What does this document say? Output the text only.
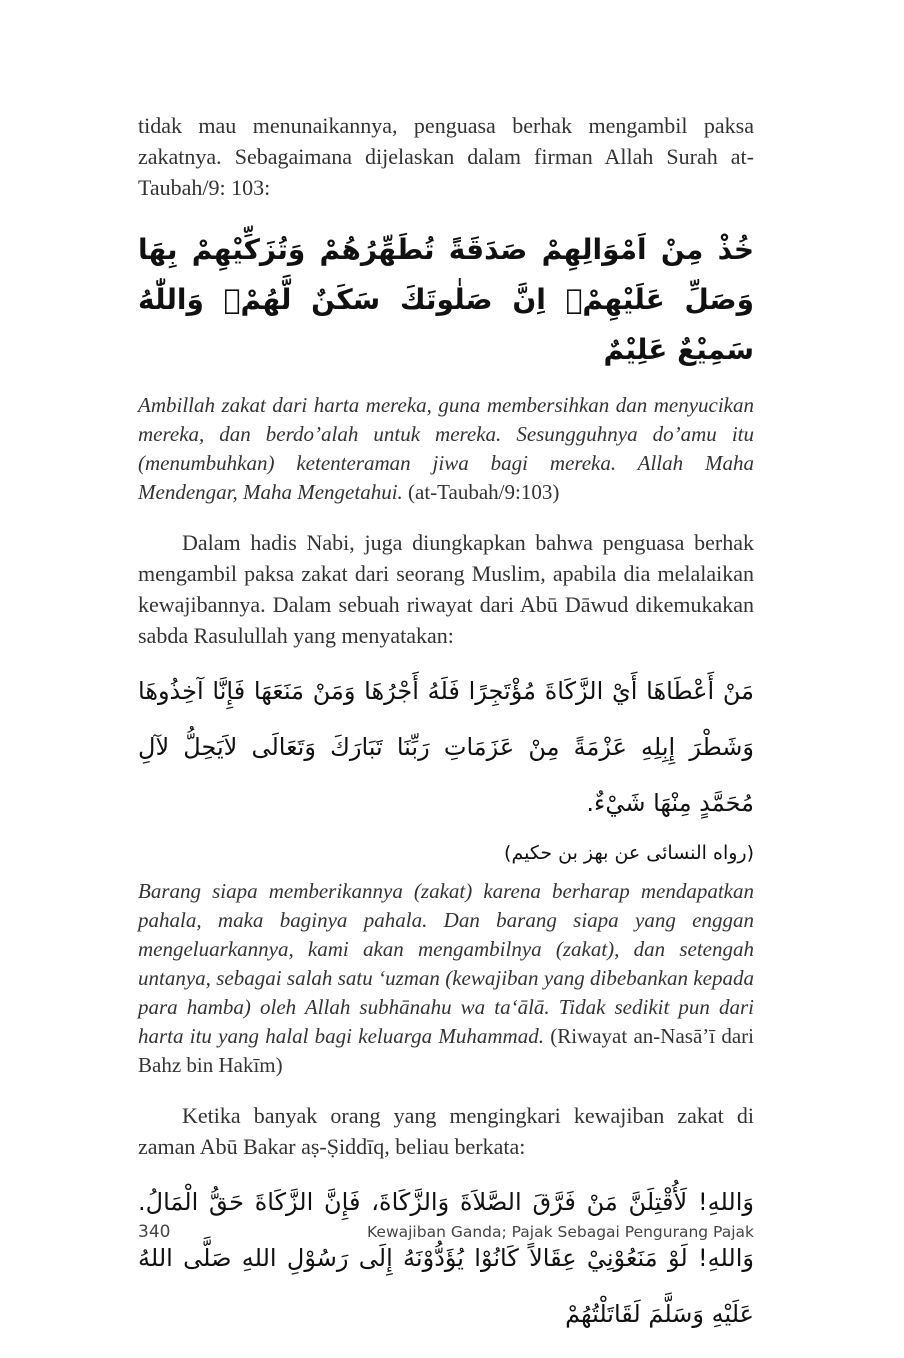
tidak mau menunaikannya, penguasa berhak mengambil paksa zakatnya. Sebagaimana dijelaskan dalam firman Allah Surah at-Taubah/9: 103:

خُذْ مِنْ اَمْوَالِهِمْ صَدَقَةً تُطَهِّرُهُمْ وَتُزَكِّيْهِمْ بِهَا وَصَلِّ عَلَيْهِمْۗ اِنَّ صَلٰوتَكَ سَكَنٌ لَّهُمْۗ وَاللّٰهُ سَمِيْعٌ عَلِيْمٌ

Ambillah zakat dari harta mereka, guna membersihkan dan menyucikan mereka, dan berdo’alah untuk mereka. Sesungguhnya do’amu itu (menumbuhkan) ketenteraman jiwa bagi mereka. Allah Maha Mendengar, Maha Mengetahui. (at-Taubah/9:103)

Dalam hadis Nabi, juga diungkapkan bahwa penguasa berhak mengambil paksa zakat dari seorang Muslim, apabila dia melalaikan kewajibannya. Dalam sebuah riwayat dari Abū Dāwud dikemukakan sabda Rasulullah yang menyatakan:

مَنْ أَعْطَاهَا أَيْ الزَّكَاةَ مُؤْتَجِرًا فَلَهُ أَجْرُهَا وَمَنْ مَنَعَهَا فَإِنَّا آخِذُوهَا وَشَطْرَ إِبِلِهِ عَزْمَةً مِنْ عَزَمَاتِ رَبِّنَا تَبَارَكَ وَتَعَالَى لاَيَحِلُّ لآلِ مُحَمَّدٍ مِنْهَا شَيْءٌ.

(رواه النسائى عن بهز بن حكيم)

Barang siapa memberikannya (zakat) karena berharap mendapatkan pahala, maka baginya pahala. Dan barang siapa yang enggan mengeluarkannya, kami akan mengambilnya (zakat), dan setengah untanya, sebagai salah satu ‘uzman (kewajiban yang dibebankan kepada para hamba) oleh Allah subhānahu wa ta‘ālā. Tidak sedikit pun dari harta itu yang halal bagi keluarga Muhammad. (Riwayat an-Nasā’ī dari Bahz bin Hakīm)

Ketika banyak orang yang mengingkari kewajiban zakat di zaman Abū Bakar aṣ-Ṣiddīq, beliau berkata:

وَاللهِ! لَأُقْتِلَنَّ مَنْ فَرَّقَ الصَّلاَةَ وَالزَّكَاةَ، فَإِنَّ الزَّكَاةَ حَقُّ الْمَالُ. وَاللهِ! لَوْ مَنَعُوْنِيْ عِقَالاً كَانُوْا يُؤَدُّوْنَهُ إِلَى رَسُوْلِ اللهِ صَلَّى اللهُ عَلَيْهِ وَسَلَّمَ لَقَاتَلْتُهُمْ

340	Kewajiban Ganda; Pajak Sebagai Pengurang Pajak
